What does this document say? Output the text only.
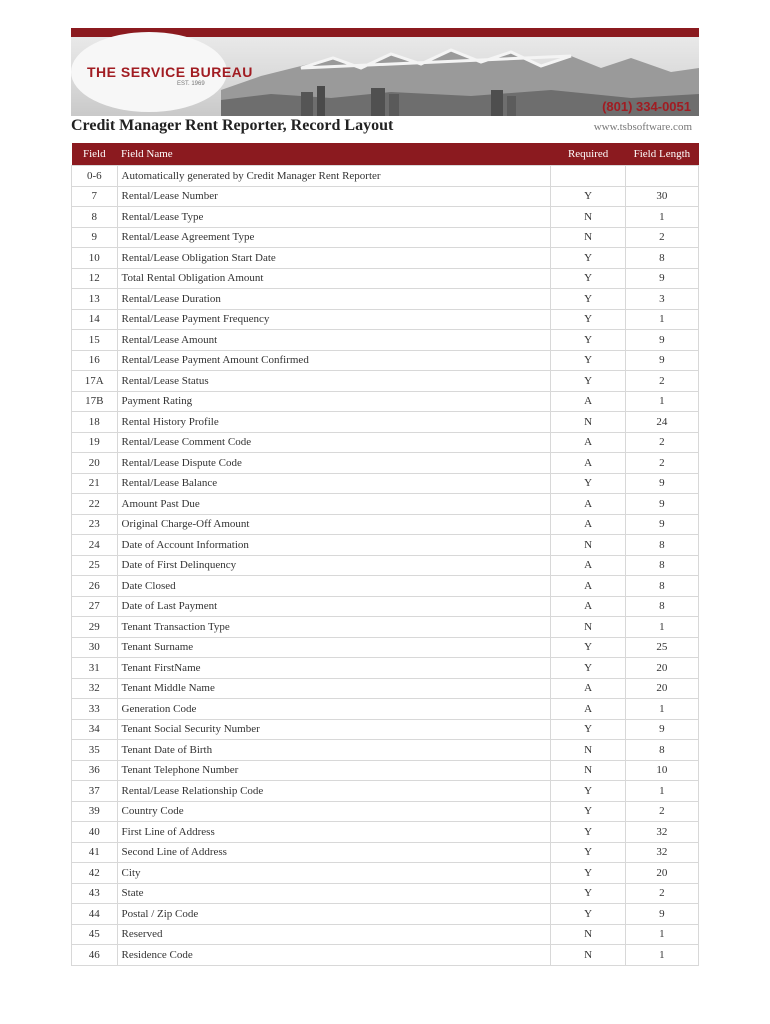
THE SERVICE BUREAU
EST. 1969
(801) 334-0051
Credit Manager Rent Reporter, Record Layout	www.tsbsoftware.com
Field	Field Name	Required	Field Length
0-6	Automatically generated by Credit Manager Rent Reporter		
7	Rental/Lease Number	Y	30
8	Rental/Lease Type	N	1
9	Rental/Lease Agreement Type	N	2
10	Rental/Lease Obligation Start Date	Y	8
12	Total Rental Obligation Amount	Y	9
13	Rental/Lease Duration	Y	3
14	Rental/Lease Payment Frequency	Y	1
15	Rental/Lease Amount	Y	9
16	Rental/Lease Payment Amount Confirmed	Y	9
17A	Rental/Lease Status	Y	2
17B	Payment Rating	A	1
18	Rental History Profile	N	24
19	Rental/Lease Comment Code	A	2
20	Rental/Lease Dispute Code	A	2
21	Rental/Lease Balance	Y	9
22	Amount Past Due	A	9
23	Original Charge-Off Amount	A	9
24	Date of Account Information	N	8
25	Date of First Delinquency	A	8
26	Date Closed	A	8
27	Date of Last Payment	A	8
29	Tenant Transaction Type	N	1
30	Tenant Surname	Y	25
31	Tenant FirstName	Y	20
32	Tenant Middle Name	A	20
33	Generation Code	A	1
34	Tenant Social Security Number	Y	9
35	Tenant Date of Birth	N	8
36	Tenant Telephone Number	N	10
37	Rental/Lease Relationship Code	Y	1
39	Country Code	Y	2
40	First Line of Address	Y	32
41	Second Line of Address	Y	32
42	City	Y	20
43	State	Y	2
44	Postal / Zip Code	Y	9
45	Reserved	N	1
46	Residence Code	N	1
